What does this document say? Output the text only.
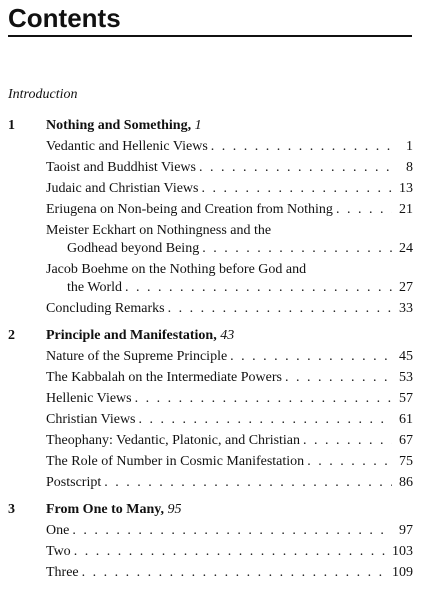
Contents
Introduction
1	Nothing and Something, 1
Vedantic and Hellenic Views . . .	1
Taoist and Buddhist Views . . .	8
Judaic and Christian Views . . .	13
Eriugena on Non-being and Creation from Nothing . . .	21
Meister Eckhart on Nothingness and the
Godhead beyond Being . . .	24
Jacob Boehme on the Nothing before God and
the World . . .	27
Concluding Remarks . . .	33
2	Principle and Manifestation, 43
Nature of the Supreme Principle . . .	45
The Kabbalah on the Intermediate Powers . . .	53
Hellenic Views . . .	57
Christian Views . . .	61
Theophany: Vedantic, Platonic, and Christian . . .	67
The Role of Number in Cosmic Manifestation . . .	75
Postscript . . .	86
3	From One to Many, 95
One . . .	97
Two . . .	103
Three . . .	109
